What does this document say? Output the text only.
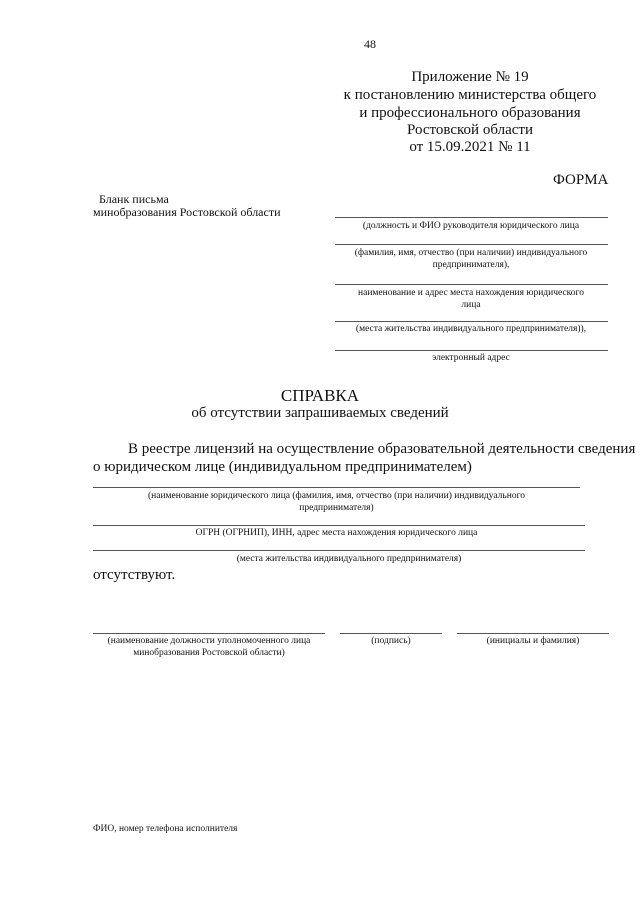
48
Приложение № 19
к постановлению министерства общего
и профессионального образования
Ростовской области
от 15.09.2021 № 11
ФОРМА
Бланк письма
минобразования Ростовской области
(должность и ФИО руководителя юридического лица
(фамилия, имя, отчество (при наличии) индивидуального
предпринимателя),
наименование и адрес места нахождения юридического
лица
(места жительства индивидуального предпринимателя)),
электронный адрес
СПРАВКА
об отсутствии запрашиваемых сведений
В реестре лицензий на осуществление образовательной деятельности сведения
о юридическом лице (индивидуальном предпринимателем)
(наименование юридического лица (фамилия, имя, отчество (при наличии) индивидуального
предпринимателя)
ОГРН (ОГРНИП), ИНН, адрес места нахождения юридического лица
(места жительства индивидуального предпринимателя)
отсутствуют.
(наименование должности уполномоченного лица
минобразования Ростовской области)
(подпись)	(инициалы и фамилия)
ФИО, номер телефона исполнителя
